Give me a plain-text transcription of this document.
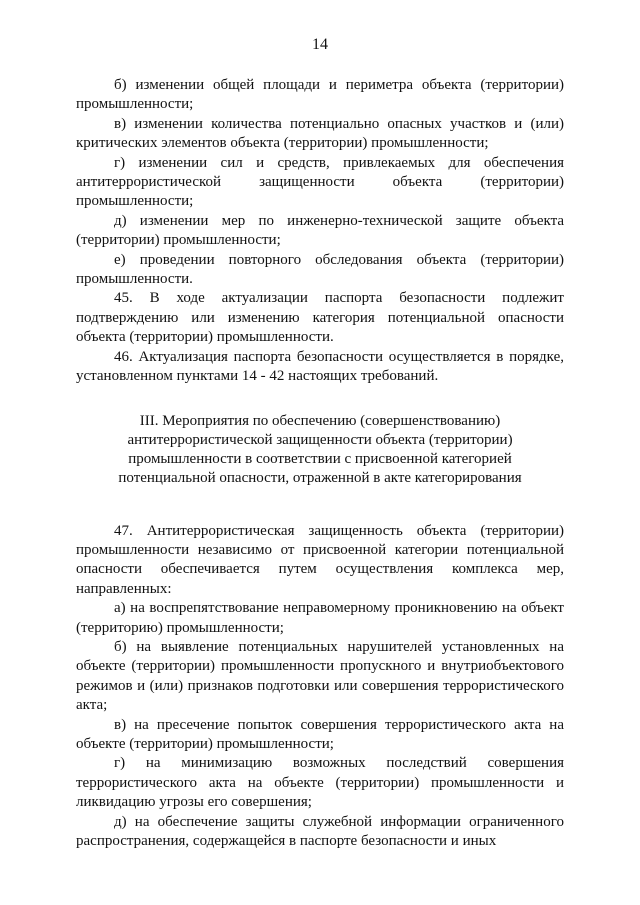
14

б) изменении общей площади и периметра объекта (территории) промышленности;

в) изменении количества потенциально опасных участков и (или) критических элементов объекта (территории) промышленности;

г) изменении сил и средств, привлекаемых для обеспечения антитеррористической защищенности объекта (территории) промышленности;

д) изменении мер по инженерно-технической защите объекта (территории) промышленности;

е) проведении повторного обследования объекта (территории) промышленности.

45. В ходе актуализации паспорта безопасности подлежит подтверждению или изменению категория потенциальной опасности объекта (территории) промышленности.

46. Актуализация паспорта безопасности осуществляется в порядке, установленном пунктами 14 - 42 настоящих требований.

III. Мероприятия по обеспечению (совершенствованию)
антитеррористической защищенности объекта (территории)
промышленности в соответствии с присвоенной категорией
потенциальной опасности, отраженной в акте категорирования

47. Антитеррористическая защищенность объекта (территории) промышленности независимо от присвоенной категории потенциальной опасности обеспечивается путем осуществления комплекса мер, направленных:

а) на воспрепятствование неправомерному проникновению на объект (территорию) промышленности;

б) на выявление потенциальных нарушителей установленных на объекте (территории) промышленности пропускного и внутриобъектового режимов и (или) признаков подготовки или совершения террористического акта;

в) на пресечение попыток совершения террористического акта на объекте (территории) промышленности;

г) на минимизацию возможных последствий совершения террористического акта на объекте (территории) промышленности и ликвидацию угрозы его совершения;

д) на обеспечение защиты служебной информации ограниченного распространения, содержащейся в паспорте безопасности и иных
